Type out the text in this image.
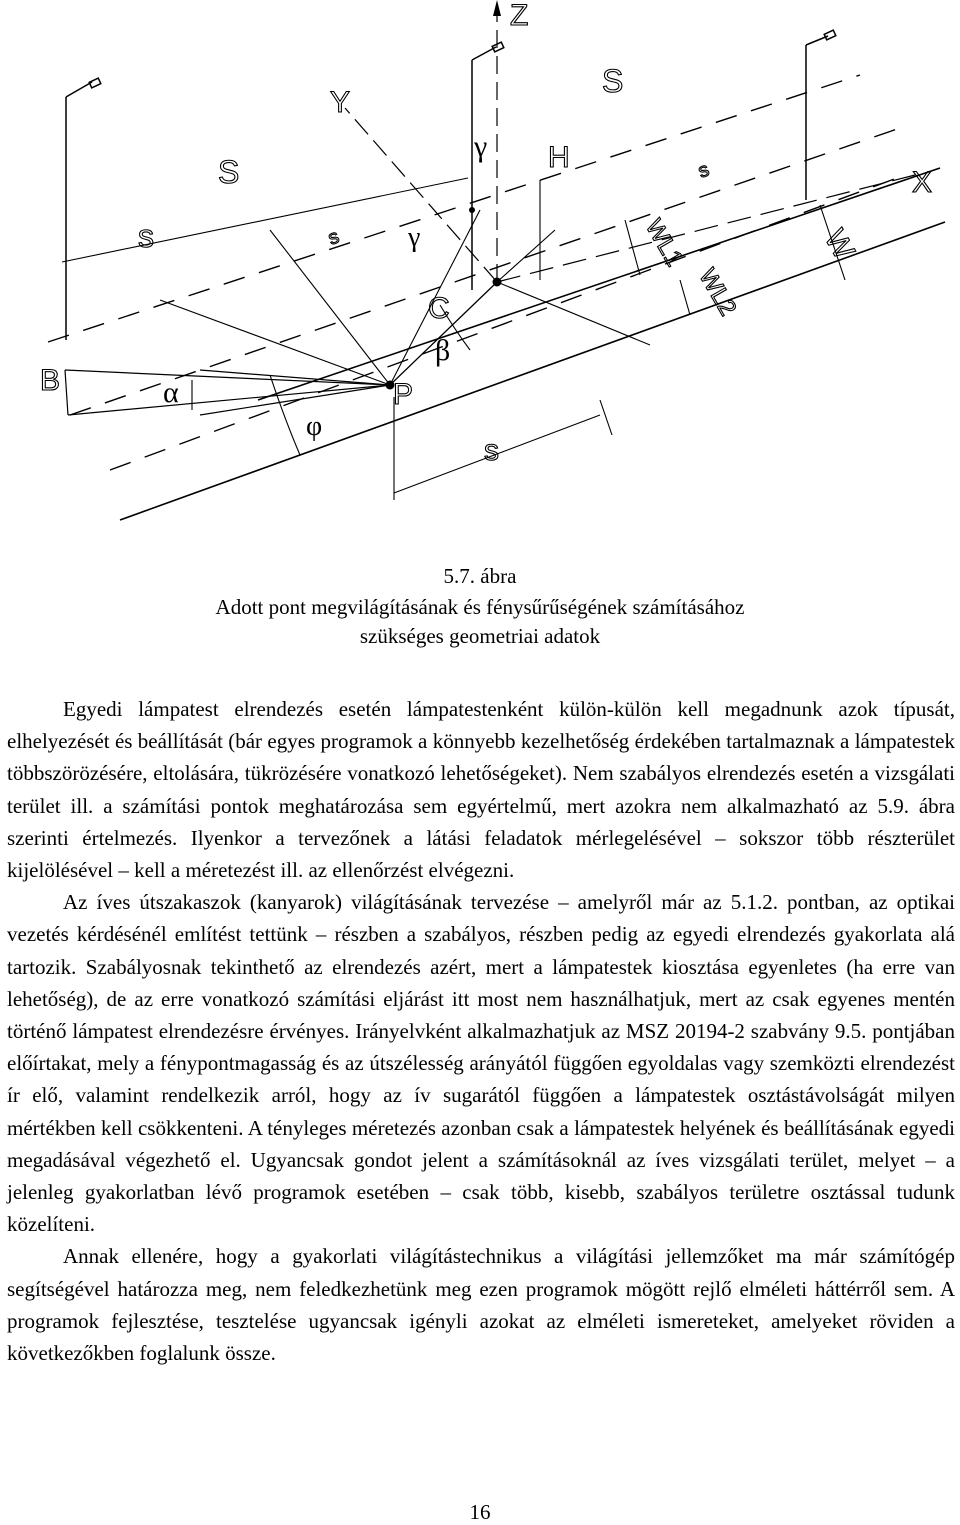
Z
Y
X
S
S	H
s	s
s
s
W
WL1
WL2
C
P
B
γ
γ
α
β
φ
5.7. ábra
Adott pont megvilágításának és fénysűrűségének számításához
szükséges geometriai adatok

Egyedi lámpatest elrendezés esetén lámpatestenként külön-külön kell megadnunk azok típusát, elhelyezését és beállítását (bár egyes programok a könnyebb kezelhetőség érdekében tartalmaznak a lámpatestek többszörözésére, eltolására, tükrözésére vonatkozó lehetőségeket). Nem szabályos elrendezés esetén a vizsgálati terület ill. a számítási pontok meghatározása sem egyértelmű, mert azokra nem alkalmazható az 5.9. ábra szerinti értelmezés. Ilyenkor a tervezőnek a látási feladatok mérlegelésével – sokszor több részterület kijelölésével – kell a méretezést ill. az ellenőrzést elvégezni.

Az íves útszakaszok (kanyarok) világításának tervezése – amelyről már az 5.1.2. pontban, az optikai vezetés kérdésénél említést tettünk – részben a szabályos, részben pedig az egyedi elrendezés gyakorlata alá tartozik. Szabályosnak tekinthető az elrendezés azért, mert a lámpatestek kiosztása egyenletes (ha erre van lehetőség), de az erre vonatkozó számítási eljárást itt most nem használhatjuk, mert az csak egyenes mentén történő lámpatest elrendezésre érvényes. Irányelvként alkalmazhatjuk az MSZ 20194-2 szabvány 9.5. pontjában előírtakat, mely a fénypontmagasság és az útszélesség arányától függően egyoldalas vagy szemközti elrendezést ír elő, valamint rendelkezik arról, hogy az ív sugarától függően a lámpatestek osztástávolságát milyen mértékben kell csökkenteni. A tényleges méretezés azonban csak a lámpatestek helyének és beállításának egyedi megadásával végezhető el. Ugyancsak gondot jelent a számításoknál az íves vizsgálati terület, melyet – a jelenleg gyakorlatban lévő programok esetében – csak több, kisebb, szabályos területre osztással tudunk közelíteni.

Annak ellenére, hogy a gyakorlati világítástechnikus a világítási jellemzőket ma már számítógép segítségével határozza meg, nem feledkezhetünk meg ezen programok mögött rejlő elméleti háttérről sem. A programok fejlesztése, tesztelése ugyancsak igényli azokat az elméleti ismereteket, amelyeket röviden a következőkben foglalunk össze.

16
